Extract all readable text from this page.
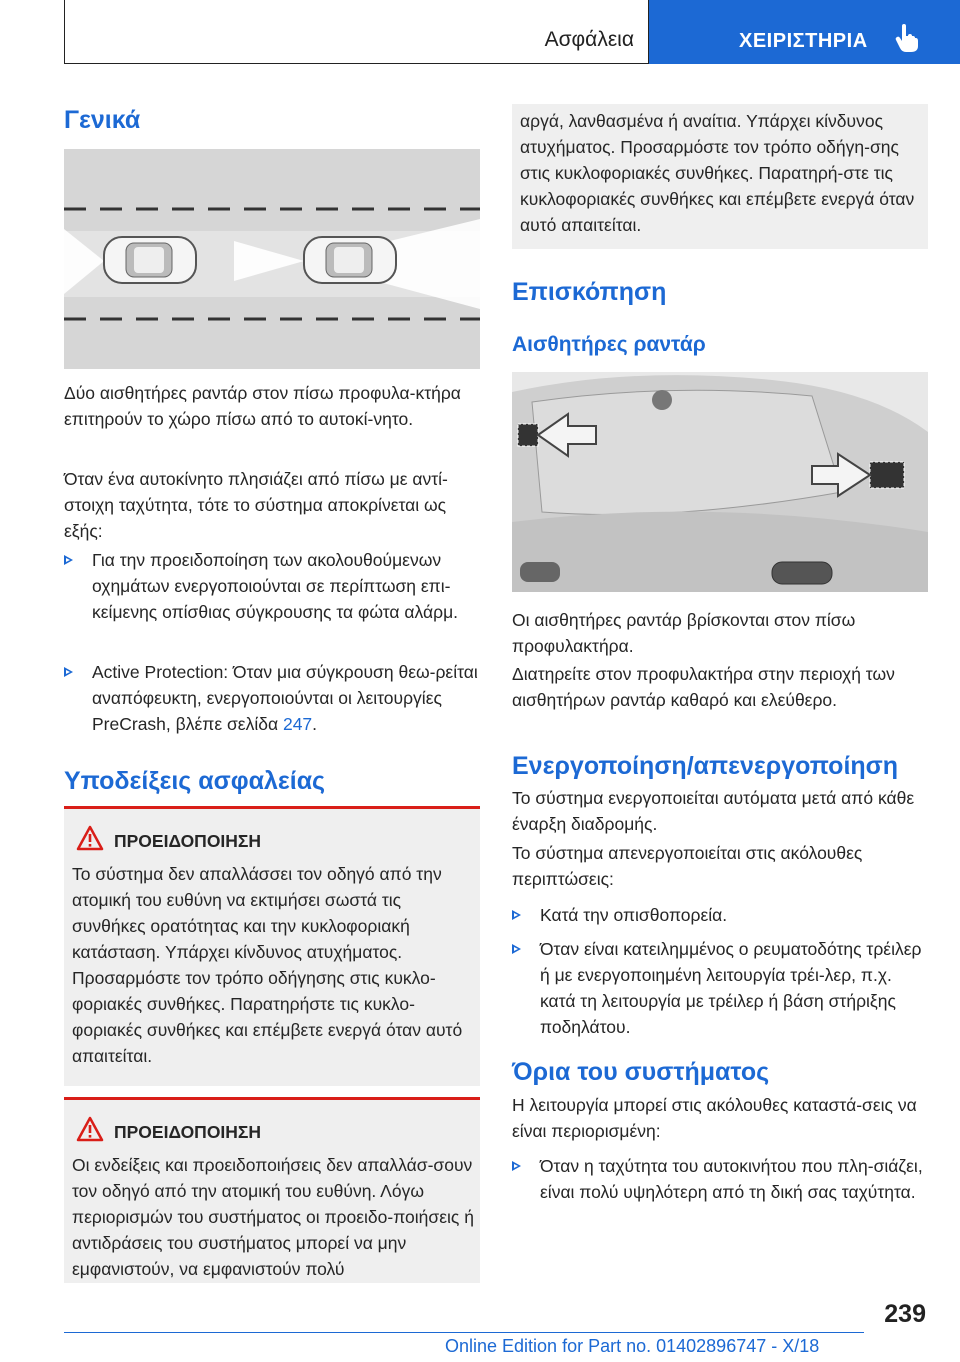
Ασφάλεια	ΧΕΙΡΙΣΤΗΡΙΑ
Γενικά

Δύο αισθητήρες ραντάρ στον πίσω προφυλα-κτήρα επιτηρούν το χώρο πίσω από το αυτοκί-νητο.

Όταν ένα αυτοκίνητο πλησιάζει από πίσω με αντί-στοιχη ταχύτητα, τότε το σύστημα αποκρίνεται ως εξής:

Για την προειδοποίηση των ακολουθούμενων οχημάτων ενεργοποιούνται σε περίπτωση επι-κείμενης οπίσθιας σύγκρουσης τα φώτα αλάρμ.
Active Protection: Όταν μια σύγκρουση θεω-ρείται αναπόφευκτη, ενεργοποιούνται οι λειτουργίες PreCrash, βλέπε σελίδα 247.
Υποδείξεις ασφαλείας
ΠΡΟΕΙΔΟΠΟΙΗΣΗ
Το σύστημα δεν απαλλάσσει τον οδηγό από την ατομική του ευθύνη να εκτιμήσει σωστά τις συνθήκες ορατότητας και την κυκλοφοριακή κατάσταση. Υπάρχει κίνδυνος ατυχήματος. Προσαρμόστε τον τρόπο οδήγησης στις κυκλο-φοριακές συνθήκες. Παρατηρήστε τις κυκλο-φοριακές συνθήκες και επέμβετε ενεργά όταν αυτό απαιτείται.
ΠΡΟΕΙΔΟΠΟΙΗΣΗ
Οι ενδείξεις και προειδοποιήσεις δεν απαλλάσ-σουν τον οδηγό από την ατομική του ευθύνη. Λόγω περιορισμών του συστήματος οι προειδο-ποιήσεις ή αντιδράσεις του συστήματος μπορεί να μην εμφανιστούν, να εμφανιστούν πολύ
αργά, λανθασμένα ή αναίτια. Υπάρχει κίνδυνος ατυχήματος. Προσαρμόστε τον τρόπο οδήγη-σης στις κυκλοφοριακές συνθήκες. Παρατηρή-στε τις κυκλοφοριακές συνθήκες και επέμβετε ενεργά όταν αυτό απαιτείται.
Επισκόπηση
Αισθητήρες ραντάρ

Οι αισθητήρες ραντάρ βρίσκονται στον πίσω προφυλακτήρα.

Διατηρείτε στον προφυλακτήρα στην περιοχή των αισθητήρων ραντάρ καθαρό και ελεύθερο.

Ενεργοποίηση/απενεργοποίηση

Το σύστημα ενεργοποιείται αυτόματα μετά από κάθε έναρξη διαδρομής.

Το σύστημα απενεργοποιείται στις ακόλουθες περιπτώσεις:

Κατά την οπισθοπορεία.
Όταν είναι κατειλημμένος ο ρευματοδότης τρέιλερ ή με ενεργοποιημένη λειτουργία τρέι-λερ, π.χ. κατά τη λειτουργία με τρέιλερ ή βάση στήριξης ποδηλάτου.
Όρια του συστήματος

Η λειτουργία μπορεί στις ακόλουθες καταστά-σεις να είναι περιορισμένη:

Όταν η ταχύτητα του αυτοκινήτου που πλη-σιάζει, είναι πολύ υψηλότερη από τη δική σας ταχύτητα.
239
Online Edition for Part no. 01402896747 - X/18
